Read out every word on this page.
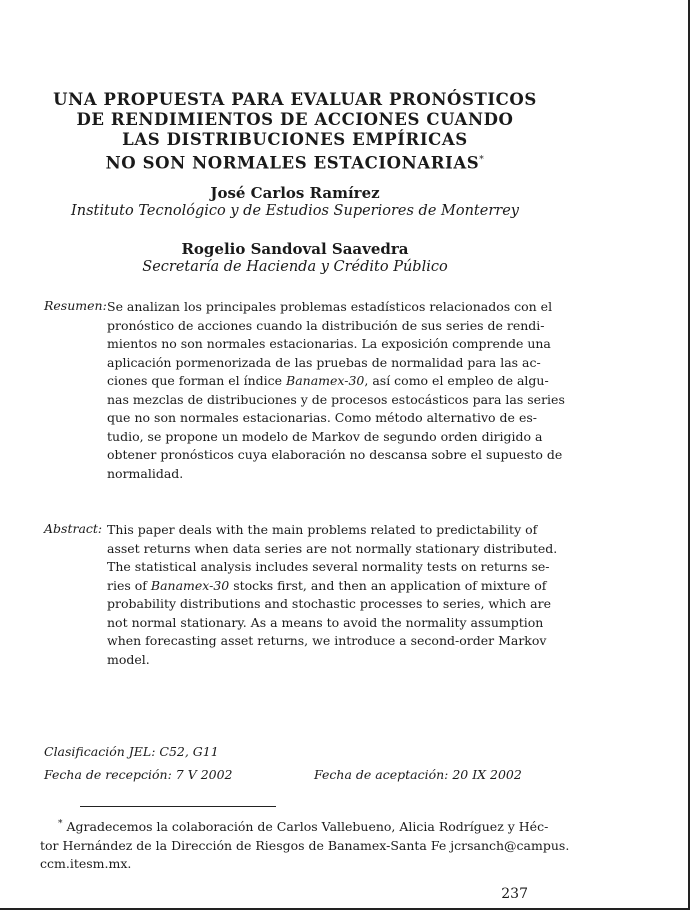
UNA PROPUESTA PARA EVALUAR PRONÓSTICOS
DE RENDIMIENTOS DE ACCIONES CUANDO
LAS DISTRIBUCIONES EMPÍRICAS
NO SON NORMALES ESTACIONARIAS*
José Carlos Ramírez
Instituto Tecnológico y de Estudios Superiores de Monterrey
Rogelio Sandoval Saavedra
Secretaría de Hacienda y Crédito Público
Resumen: Se analizan los principales problemas estadísticos relacionados con el
pronóstico de acciones cuando la distribución de sus series de rendi-
mientos no son normales estacionarias. La exposición comprende una
aplicación pormenorizada de las pruebas de normalidad para las ac-
ciones que forman el índice Banamex-30, así como el empleo de algu-
nas mezclas de distribuciones y de procesos estocásticos para las series
que no son normales estacionarias. Como método alternativo de es-
tudio, se propone un modelo de Markov de segundo orden dirigido a
obtener pronósticos cuya elaboración no descansa sobre el supuesto de
normalidad.
Abstract: This paper deals with the main problems related to predictability of
asset returns when data series are not normally stationary distributed.
The statistical analysis includes several normality tests on returns se-
ries of Banamex-30 stocks first, and then an application of mixture of
probability distributions and stochastic processes to series, which are
not normal stationary. As a means to avoid the normality assumption
when forecasting asset returns, we introduce a second-order Markov
model.
Clasificación JEL: C52, G11
Fecha de recepción: 7 V 2002	Fecha de aceptación: 20 IX 2002
* Agradecemos la colaboración de Carlos Vallebueno, Alicia Rodríguez y Héc-
tor Hernández de la Dirección de Riesgos de Banamex-Santa Fe jcrsanch@campus.
ccm.itesm.mx.
237
